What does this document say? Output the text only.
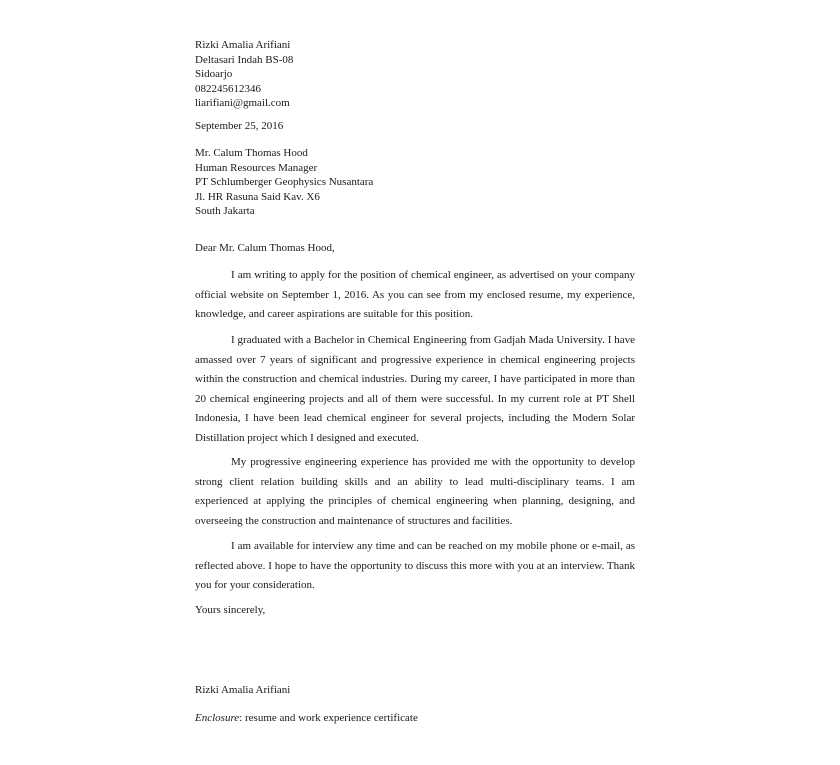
Rizki Amalia Arifiani
Deltasari Indah BS-08
Sidoarjo
082245612346
liarifiani@gmail.com
September 25, 2016
Mr. Calum Thomas Hood
Human Resources Manager
PT Schlumberger Geophysics Nusantara
Jl. HR Rasuna Said Kav. X6
South Jakarta
Dear Mr. Calum Thomas Hood,
I am writing to apply for the position of chemical engineer, as advertised on your company official website on September 1, 2016. As you can see from my enclosed resume, my experience, knowledge, and career aspirations are suitable for this position.
I graduated with a Bachelor in Chemical Engineering from Gadjah Mada University. I have amassed over 7 years of significant and progressive experience in chemical engineering projects within the construction and chemical industries. During my career, I have participated in more than 20 chemical engineering projects and all of them were successful. In my current role at PT Shell Indonesia, I have been lead chemical engineer for several projects, including the Modern Solar Distillation project which I designed and executed.
My progressive engineering experience has provided me with the opportunity to develop strong client relation building skills and an ability to lead multi-disciplinary teams. I am experienced at applying the principles of chemical engineering when planning, designing, and overseeing the construction and maintenance of structures and facilities.
I am available for interview any time and can be reached on my mobile phone or e-mail, as reflected above. I hope to have the opportunity to discuss this more with you at an interview. Thank you for your consideration.
Yours sincerely,
Rizki Amalia Arifiani
Enclosure: resume and work experience certificate
